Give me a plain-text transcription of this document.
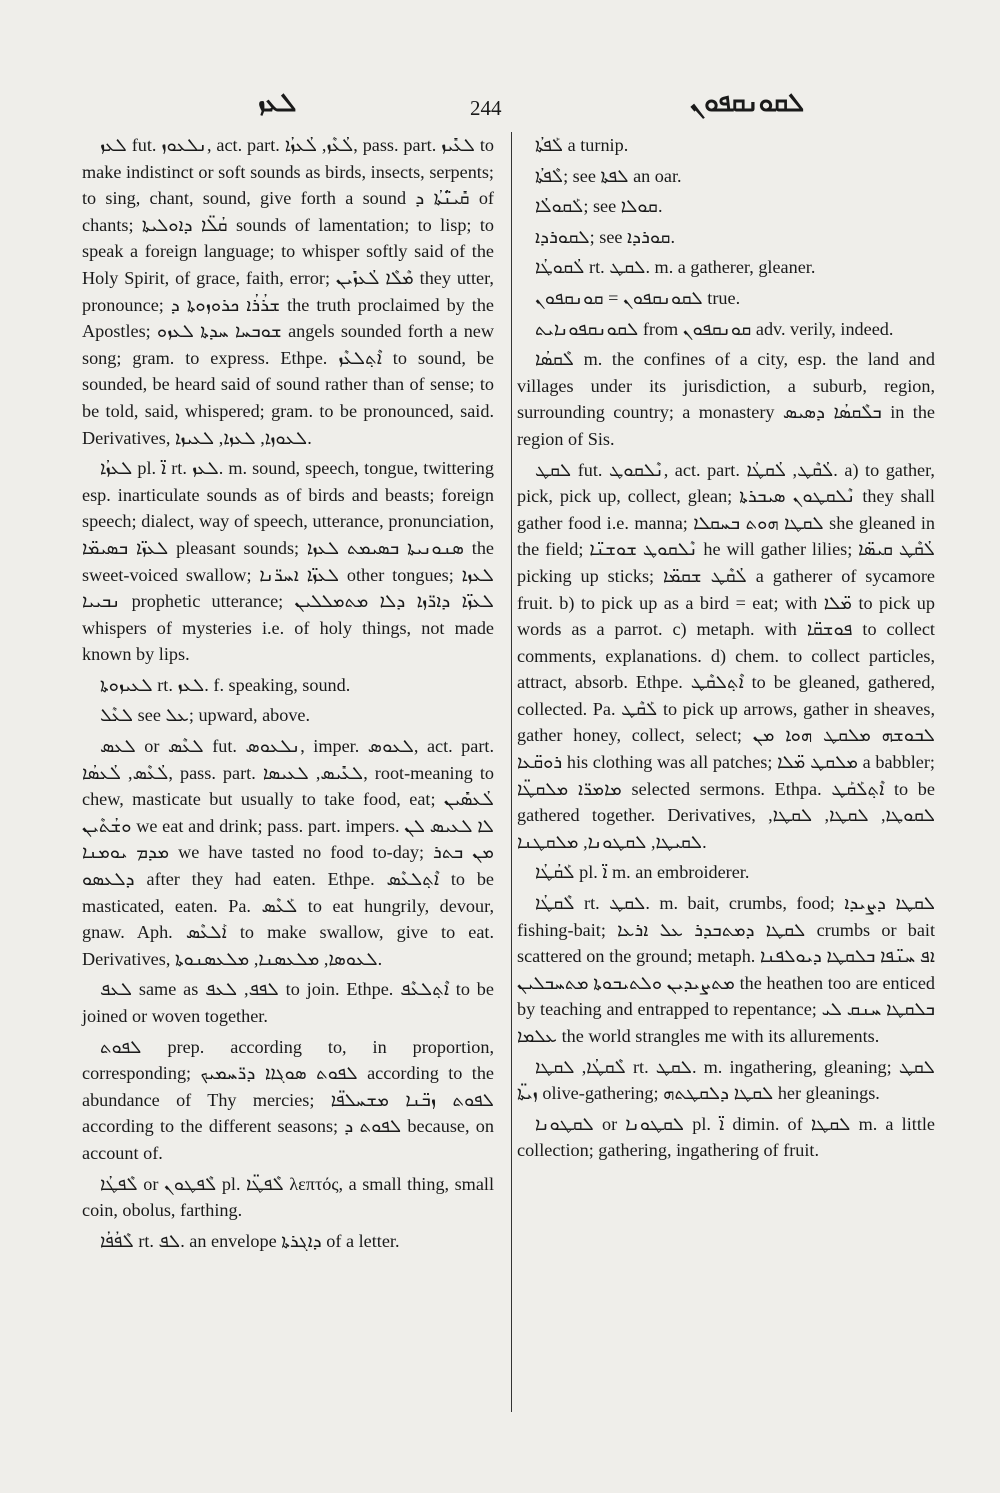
ܠܥܙ	244	ܠܩܘܢܩܦܘܢ

ܠܥܙ fut. ܢܠܥܘܙ, act. part. ܠܳܥܶܙ, ܠܳܥܙܳܐ, pass. part. ܠܥܺܝܙ to make indistinct or soft sounds as birds, insects, serpents; to sing, chant, sound, give forth a sound ܩܺܝܢ̈ܳܬܳܐ ܕ of chants; ܩܳܠ̈ܐ ܕܐܘܠܝܬܐ sounds of lamentation; to lisp; to speak a foreign language; to whisper softly said of the Holy Spirit, of grace, faith, error; ܡܶܠܶܐ ܠܳܥܙܺܝܢ they utter, pronounce; ܫܪܳܪܳܐ ܟܪܘܙܘܬܐ ܕ the truth proclaimed by the Apostles; ܫܘܒܚܐ ܚܕܬܐ ܠܥܙܘ angels sounded forth a new song; gram. to express. Ethpe. ܐܶܬ݂ܠܥܶܙ to sound, be sounded, be heard said of sound rather than of sense; to be told, said, whispered; gram. to be pronounced, said. Derivatives, ܠܥܘܙܐ, ܠܥܙܐ, ܠܥܝܙܐ.

ܠܥܙܳܐ pl. ܐ̈ rt. ܠܥܙ. m. sound, speech, tongue, twittering esp. inarticulate sounds as of birds and beasts; foreign speech; dialect, way of speech, utterance, pronunciation, ܠܥܙ̈ܐ ܒܣܝܡ̈ܐ pleasant sounds; ܣܢܘܢܝܬܐ ܒܣܝܡܬ ܠܥܙܐ the sweet-voiced swallow; ܠܥܙ̈ܐ ܐܚܪ̈ܢܐ other tongues; ܠܥܙܐ ܢܒܝܝܐ prophetic utterance; ܠܥܙ̈ܐ ܕܐܪ̈ܙܐ ܕܠܐ ܡܬܡܠܠܝܢ whispers of mysteries i.e. of holy things, not made known by lips.

ܠܥܝܙܘܬܐ rt. ܠܥܙ. f. speaking, sound.

ܠܥܶܠ see ܥܠ; upward, above.

ܠܥܣ or ܠܥܶܣ fut. ܢܠܥܘܣ, imper. ܠܥܘܣ, act. part. ܠܳܥܶܣ, ܠܳܥܣܳܐ, pass. part. ܠܥܺܝܣ, ܠܥܝܣܐ, root-meaning to chew, masticate but usually to take food, eat; ܠܳܥܣܺܝܢ ܘܫܳܬܶܝܢ we eat and drink; pass. part. impers. ܠܐ ܠܥܝܣ ܠܢ ܡܕܡ ܝܘܡܢܐ we have tasted no food to-day; ܡܢ ܒܬܪ ܕܠܥܣܘ after they had eaten. Ethpe. ܐܶܬ݂ܠܥܶܣ to be masticated, eaten. Pa. ܠܰܥܶܣ to eat hungrily, devour, gnaw. Aph. ܐܰܠܥܶܣ to make swallow, give to eat. Derivatives, ܠܥܘܣܐ, ܡܠܥܣܢܐ, ܡܠܥܣܢܘܬܐ.

ܠܥܦ same as ܠܦܦ, ܠܥܦ to join. Ethpe. ܐܶܬ݂ܠܥܶܦ to be joined or woven together.

ܠܦܘܬ prep. according to, in proportion, corresponding; ܠܦܘܬ ܣܘܓܐܐ ܕܪ̈ܚܡܝܟ according to the abundance of Thy mercies; ܠܦܘܬ ܙܒ̈ܢܐ ܡܫܚܠܦ̈ܐ according to the different seasons; ܠܦܘܬ ܕ because, on account of.

ܠܶܦܛܳܐ or ܠܶܦܛܘܢ pl. ܠܶܦܛ̈ܐ λεπτός, a small thing, small coin, obolus, farthing.

ܠܶܦܳܦܳܐ rt. ܠܦ. an envelope ܕܐܓܪܬܐ of a letter.

ܠܰܦܬܳܐ a turnip.

ܠܶܦܬܳܐ; see ܠܦܬܐ an oar.

ܠܰܩܘܠܳܐ; see ܩܘܠܐ.

ܠܩܘܪܕܐ; see ܩܘܪܕܐ.

ܠܳܩܘܛܳܐ rt. ܠܩܛ. m. a gatherer, gleaner.

ܠܩܘܢܩܦܘܢ = ܩܘܢܩܦܘܢ true.

ܠܩܘܢܩܦܘܢܐܝܬ from ܩܘܢܩܦܘܢ adv. verily, indeed.

ܠܶܩܣܳܐ m. the confines of a city, esp. the land and villages under its jurisdiction, a suburb, region, surrounding country; a monastery ܒܠܶܩܣܳܐ ܕܣܝܣ in the region of Sis.

ܠܩܛ fut. ܢܶܠܩܘܛ, act. part. ܠܳܩܶܛ, ܠܳܩܛܳܐ. a) to gather, pick, pick up, collect, glean; ܢܶܠܩܛܘܢ ܣܝܒܪܬܐ they shall gather food i.e. manna; ܠܩܛܐ ܗܘܬ ܒܚܩܠܐ she gleaned in the field; ܢܶܠܩܘܛ ܫܘܫܢ̈ܐ he will gather lilies; ܠܳܩܶܛ ܩܝܣ̈ܐ picking up sticks; ܠܳܩܶܛ ܫܩܡ̈ܐ a gatherer of sycamore fruit. b) to pick up as a bird = eat; with ܡ̈ܠܐ to pick up words as a parrot. c) metaph. with ܦܘܫܩ̈ܐ to collect comments, explanations. d) chem. to collect particles, attract, absorb. Ethpe. ܐܶܬ݂ܠܩܶܛ to be gleaned, gathered, collected. Pa. ܠܰܩܶܛ to pick up arrows, gather in sheaves, gather honey, collect, select; ܠܒܘܫܗ ܡܠܩܛ ܗܘܐ ܡܢ ܪܘܩ̈ܥܐ his clothing was all patches; ܡܠܩܛ ܡ̈ܠܐ a babbler; ܡܐܡܪ̈ܐ ܡܠܩܛ̈ܐ selected sermons. Ethpa. ܐܶܬ݂ܠܰܩܰܛ to be gathered together. Derivatives, ܠܩܘܛܐ, ܠܩܛܐ, ܠܩܛܐ, ܠܩܝܛܐ, ܠܩܛܘܢܐ, ܡܠܩܛܢܐ.

ܠܰܩܳܛܳܐ pl. ܐ̈ m. an embroiderer.

ܠܶܩܛܳܐ rt. ܠܩܛ. m. bait, crumbs, food; ܠܩܛܐ ܕܨܝܕܐ fishing-bait; ܠܩܛܐ ܕܡܬܒܕܪ ܥܠ ܐܪܥܐ crumbs or bait scattered on the ground; metaph. ܐܦ ܚܢ̈ܦܐ ܒܠܩܛܐ ܕܝܘܠܦܢܐ ܡܬܨܝܕܝܢ ܘܠܬܝܒܘܬܐ ܡܬܚܒܠܝܢ the heathen too are enticed by teaching and entrapped to repentance; ܒܠܩܛܐ ܚܢܩ ܠܝ ܥܠܡܐ the world strangles me with its allurements.

ܠܶܩܛܳܐ, ܠܩܛܐ rt. ܠܩܛ. m. ingathering, gleaning; ܠܩܛ ܙܝܬ̈ܐ olive-gathering; ܠܩܛܐ ܕܠܩܛܬܗ her gleanings.

ܠܩܛܘܢܐ or ܠܩܛܘܢܐ pl. ܐ̈ dimin. of ܠܩܛܐ m. a little collection; gathering, ingathering of fruit.
